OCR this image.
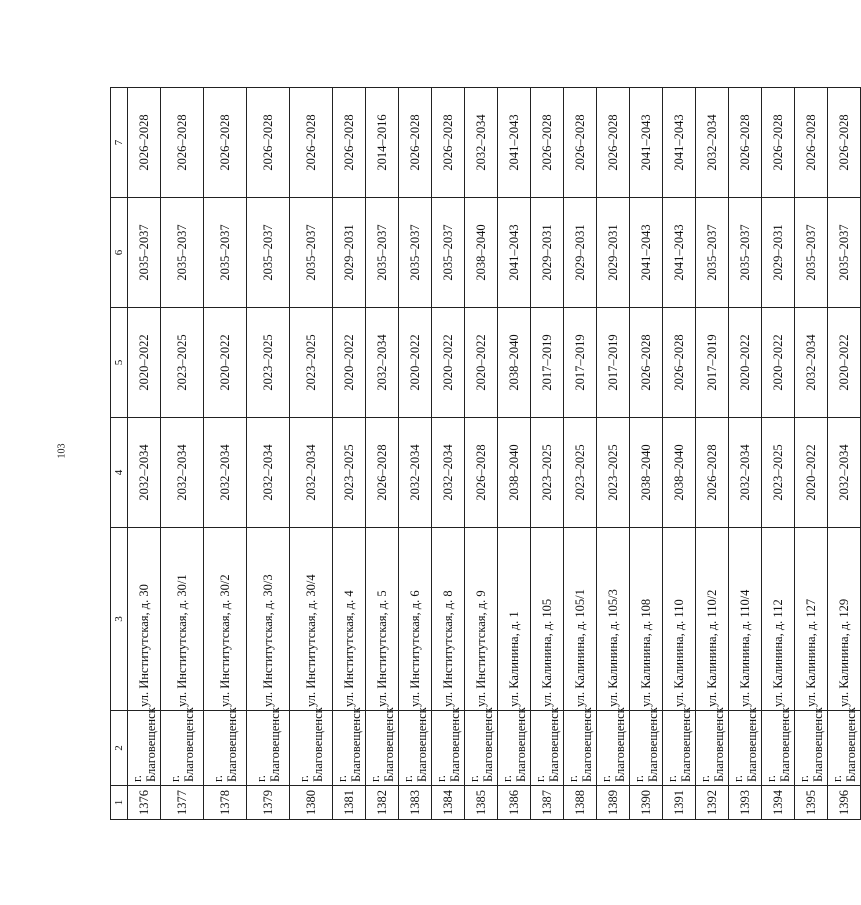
103
1	2	3	4	5	6	7
1376	г. Благовещенск	ул. Институтская, д. 30	2032–2034	2020–2022	2035–2037	2026–2028
1377	г. Благовещенск	ул. Институтская, д. 30/1	2032–2034	2023–2025	2035–2037	2026–2028
1378	г. Благовещенск	ул. Институтская, д. 30/2	2032–2034	2020–2022	2035–2037	2026–2028
1379	г. Благовещенск	ул. Институтская, д. 30/3	2032–2034	2023–2025	2035–2037	2026–2028
1380	г. Благовещенск	ул. Институтская, д. 30/4	2032–2034	2023–2025	2035–2037	2026–2028
1381	г. Благовещенск	ул. Институтская, д. 4	2023–2025	2020–2022	2029–2031	2026–2028
1382	г. Благовещенск	ул. Институтская, д. 5	2026–2028	2032–2034	2035–2037	2014–2016
1383	г. Благовещенск	ул. Институтская, д. 6	2032–2034	2020–2022	2035–2037	2026–2028
1384	г. Благовещенск	ул. Институтская, д. 8	2032–2034	2020–2022	2035–2037	2026–2028
1385	г. Благовещенск	ул. Институтская, д. 9	2026–2028	2020–2022	2038–2040	2032–2034
1386	г. Благовещенск	ул. Калинина, д. 1	2038–2040	2038–2040	2041–2043	2041–2043
1387	г. Благовещенск	ул. Калинина, д. 105	2023–2025	2017–2019	2029–2031	2026–2028
1388	г. Благовещенск	ул. Калинина, д. 105/1	2023–2025	2017–2019	2029–2031	2026–2028
1389	г. Благовещенск	ул. Калинина, д. 105/3	2023–2025	2017–2019	2029–2031	2026–2028
1390	г. Благовещенск	ул. Калинина, д. 108	2038–2040	2026–2028	2041–2043	2041–2043
1391	г. Благовещенск	ул. Калинина, д. 110	2038–2040	2026–2028	2041–2043	2041–2043
1392	г. Благовещенск	ул. Калинина, д. 110/2	2026–2028	2017–2019	2035–2037	2032–2034
1393	г. Благовещенск	ул. Калинина, д. 110/4	2032–2034	2020–2022	2035–2037	2026–2028
1394	г. Благовещенск	ул. Калинина, д. 112	2023–2025	2020–2022	2029–2031	2026–2028
1395	г. Благовещенск	ул. Калинина, д. 127	2020–2022	2032–2034	2035–2037	2026–2028
1396	г. Благовещенск	ул. Калинина, д. 129	2032–2034	2020–2022	2035–2037	2026–2028
